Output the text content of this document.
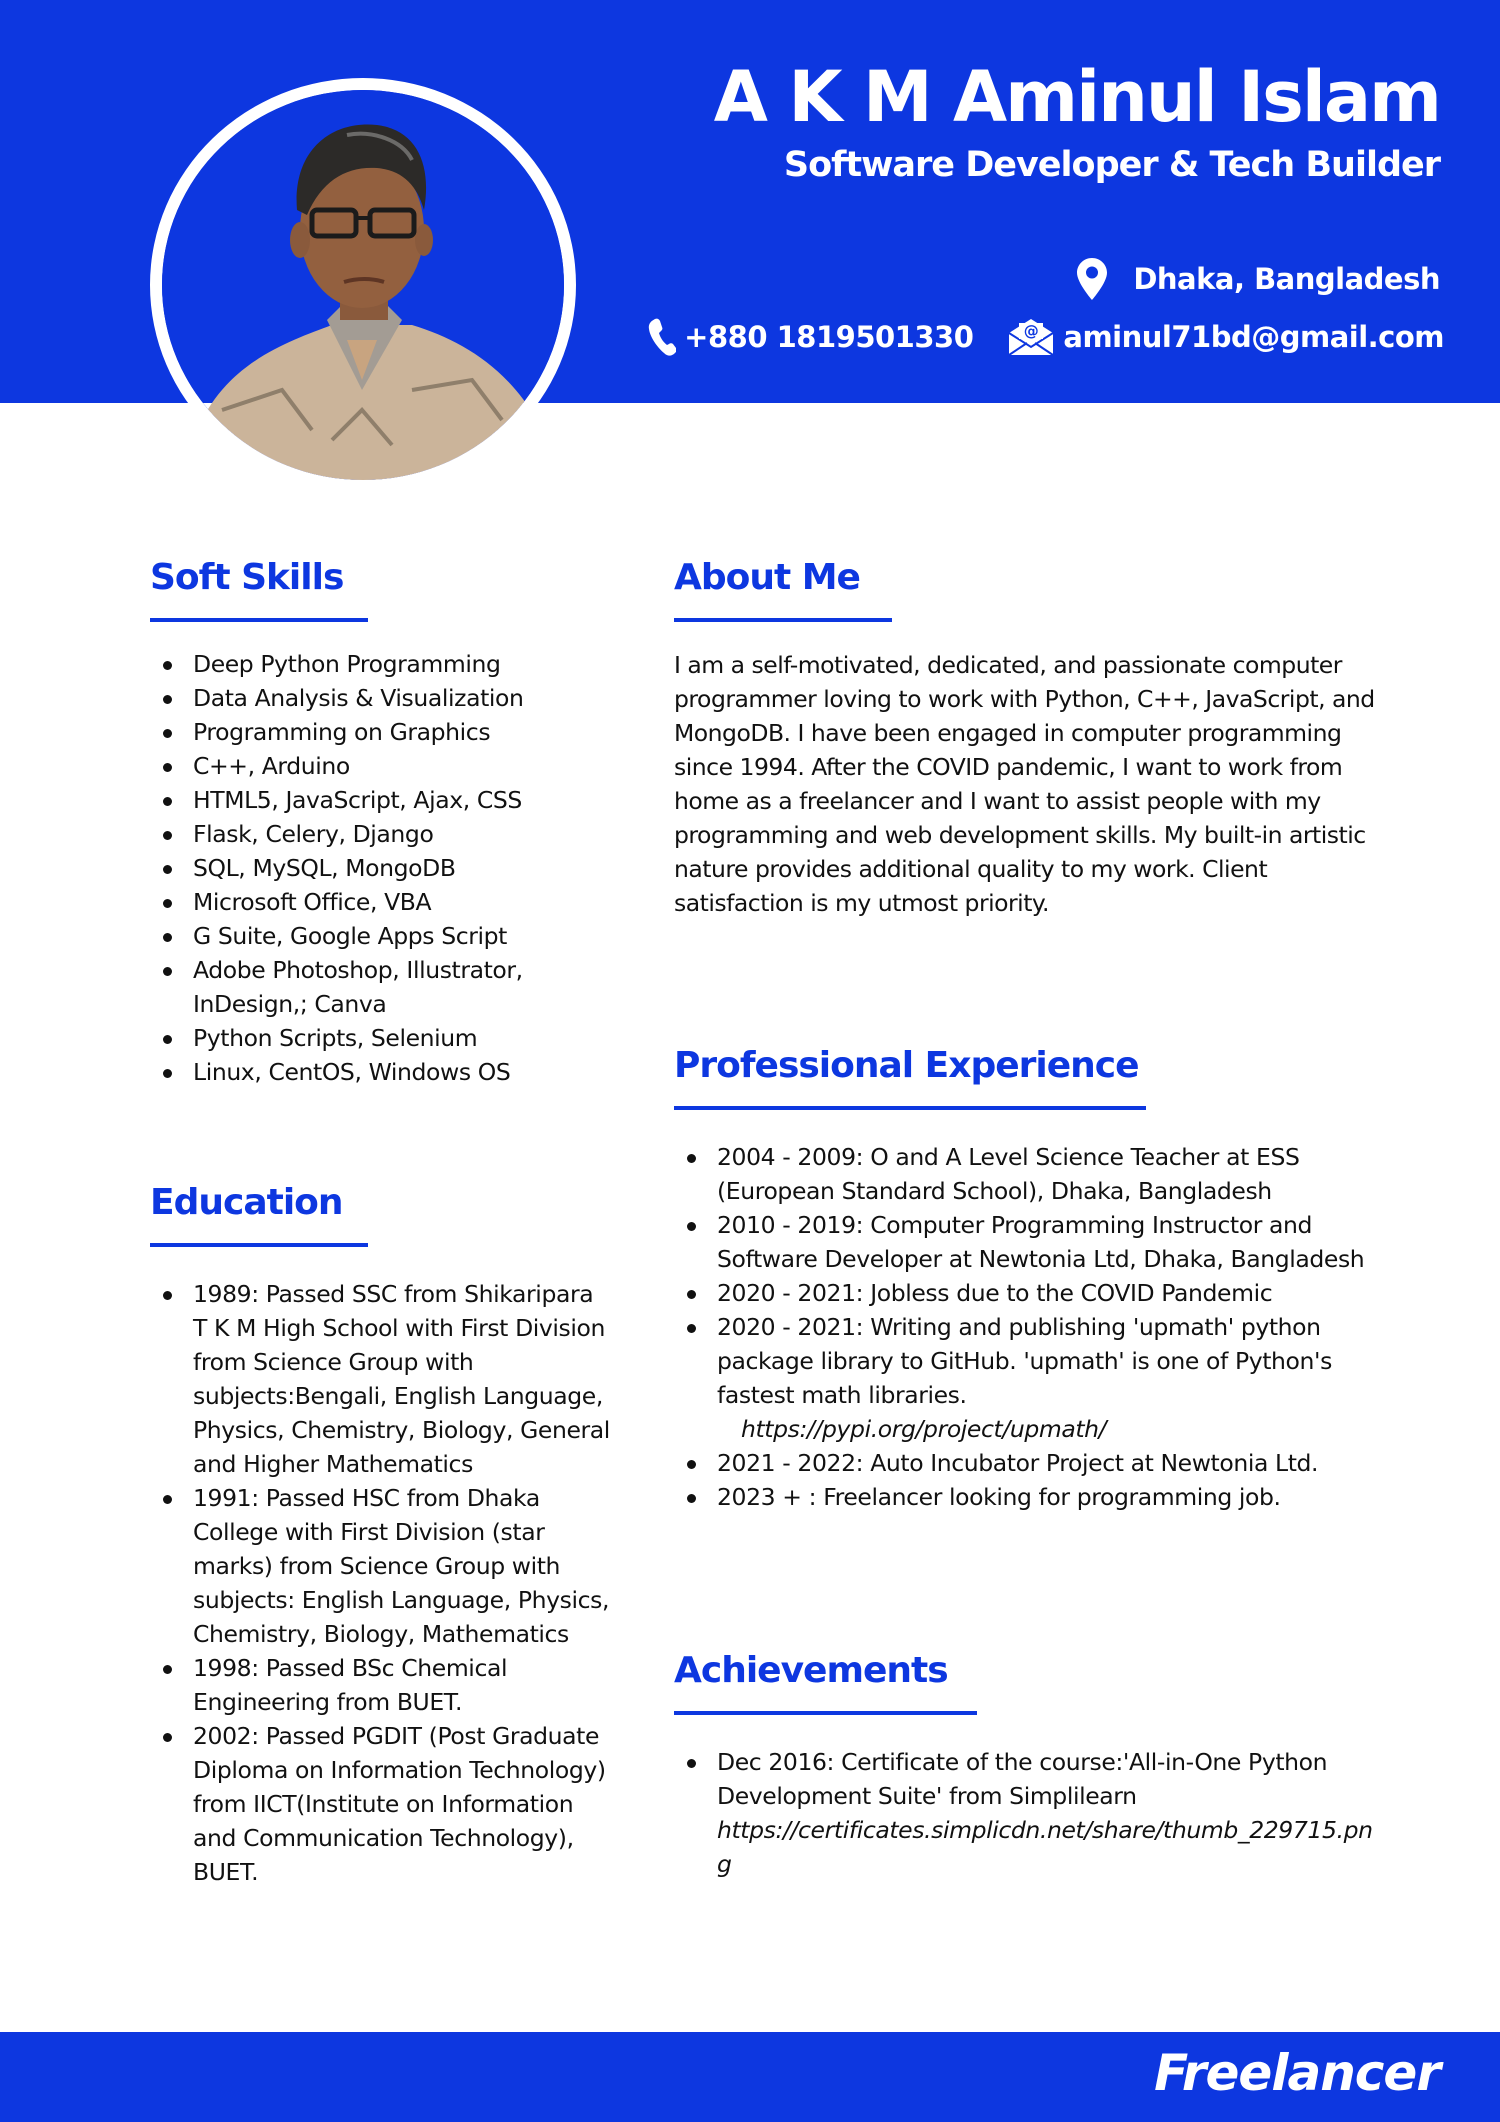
A K M Aminul Islam
Software Developer & Tech Builder
Dhaka, Bangladesh
+880 1819501330	@ aminul71bd@gmail.com
Soft Skills
Deep Python Programming
Data Analysis & Visualization
Programming on Graphics
C++, Arduino
HTML5, JavaScript, Ajax, CSS
Flask, Celery, Django
SQL, MySQL, MongoDB
Microsoft Office, VBA
G Suite, Google Apps Script
Adobe Photoshop, Illustrator, InDesign,; Canva
Python Scripts, Selenium
Linux, CentOS, Windows OS
Education
1989: Passed SSC from Shikaripara T K M High School with First Division from Science Group with subjects:Bengali, English Language, Physics, Chemistry, Biology, General and Higher Mathematics
1991: Passed HSC from Dhaka College with First Division (star marks) from Science Group with subjects: English Language, Physics, Chemistry, Biology, Mathematics
1998: Passed BSc Chemical Engineering from BUET.
2002: Passed PGDIT (Post Graduate Diploma on Information Technology) from IICT(Institute on Information and Communication Technology), BUET.
About Me

I am a self-motivated, dedicated, and passionate computer programmer loving to work with Python, C++, JavaScript, and MongoDB. I have been engaged in computer programming since 1994. After the COVID pandemic, I want to work from home as a freelancer and I want to assist people with my programming and web development skills. My built-in artistic nature provides additional quality to my work. Client satisfaction is my utmost priority.

Professional Experience
2004 - 2009: O and A Level Science Teacher at ESS (European Standard School), Dhaka, Bangladesh
2010 - 2019: Computer Programming Instructor and Software Developer at Newtonia Ltd, Dhaka, Bangladesh
2020 - 2021: Jobless due to the COVID Pandemic
2020 - 2021: Writing and publishing 'upmath' python package library to GitHub. 'upmath' is one of Python's fastest math libraries.
https://pypi.org/project/upmath/
2021 - 2022: Auto Incubator Project at Newtonia Ltd.
2023 + : Freelancer looking for programming job.
Achievements
Dec 2016: Certificate of the course:'All-in-One Python Development Suite' from Simplilearn
https://certificates.simplicdn.net/share/thumb_229715.png
Freelancer
